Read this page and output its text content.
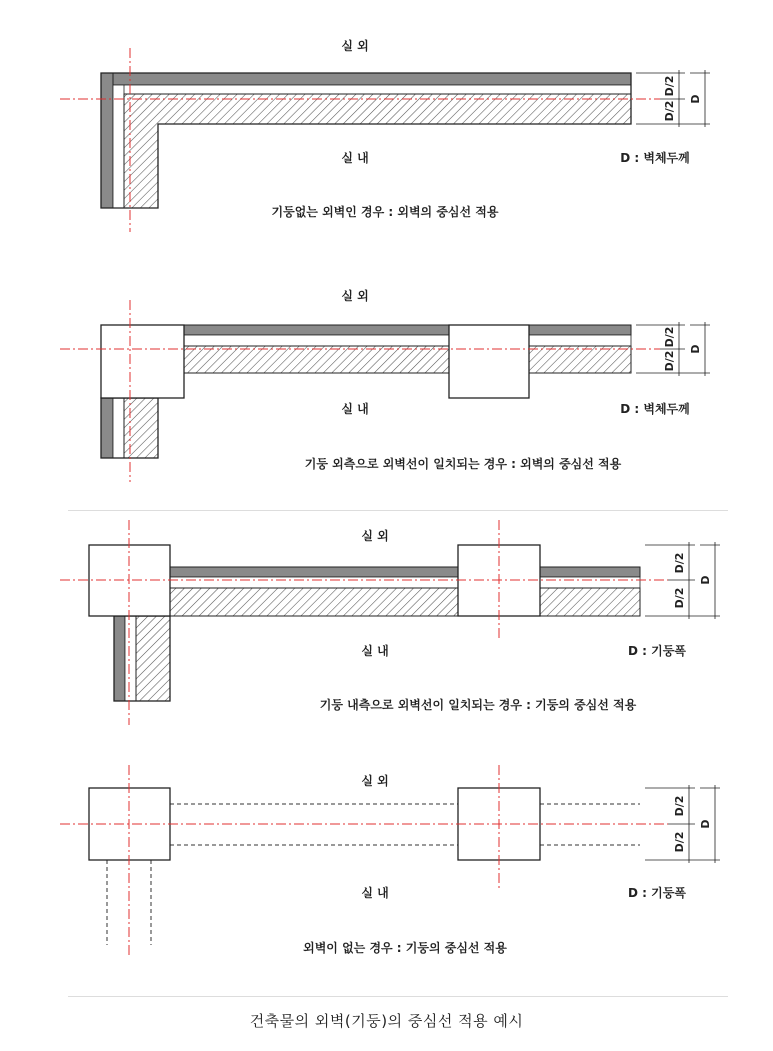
실 외
D/2
D/2
D
실 내	D : 벽체두께
기둥없는 외벽인 경우 : 외벽의 중심선 적용
실 외
D/2
D/2
D
실 내	D : 벽체두께
기둥 외측으로 외벽선이 일치되는 경우 : 외벽의 중심선 적용
실 외
D/2
D/2
D
실 내	D : 기둥폭
기둥 내측으로 외벽선이 일치되는 경우 : 기둥의 중심선 적용
실 외
D/2
D/2
D
실 내	D : 기둥폭
외벽이 없는 경우 : 기둥의 중심선 적용
건축물의 외벽(기둥)의 중심선 적용 예시
